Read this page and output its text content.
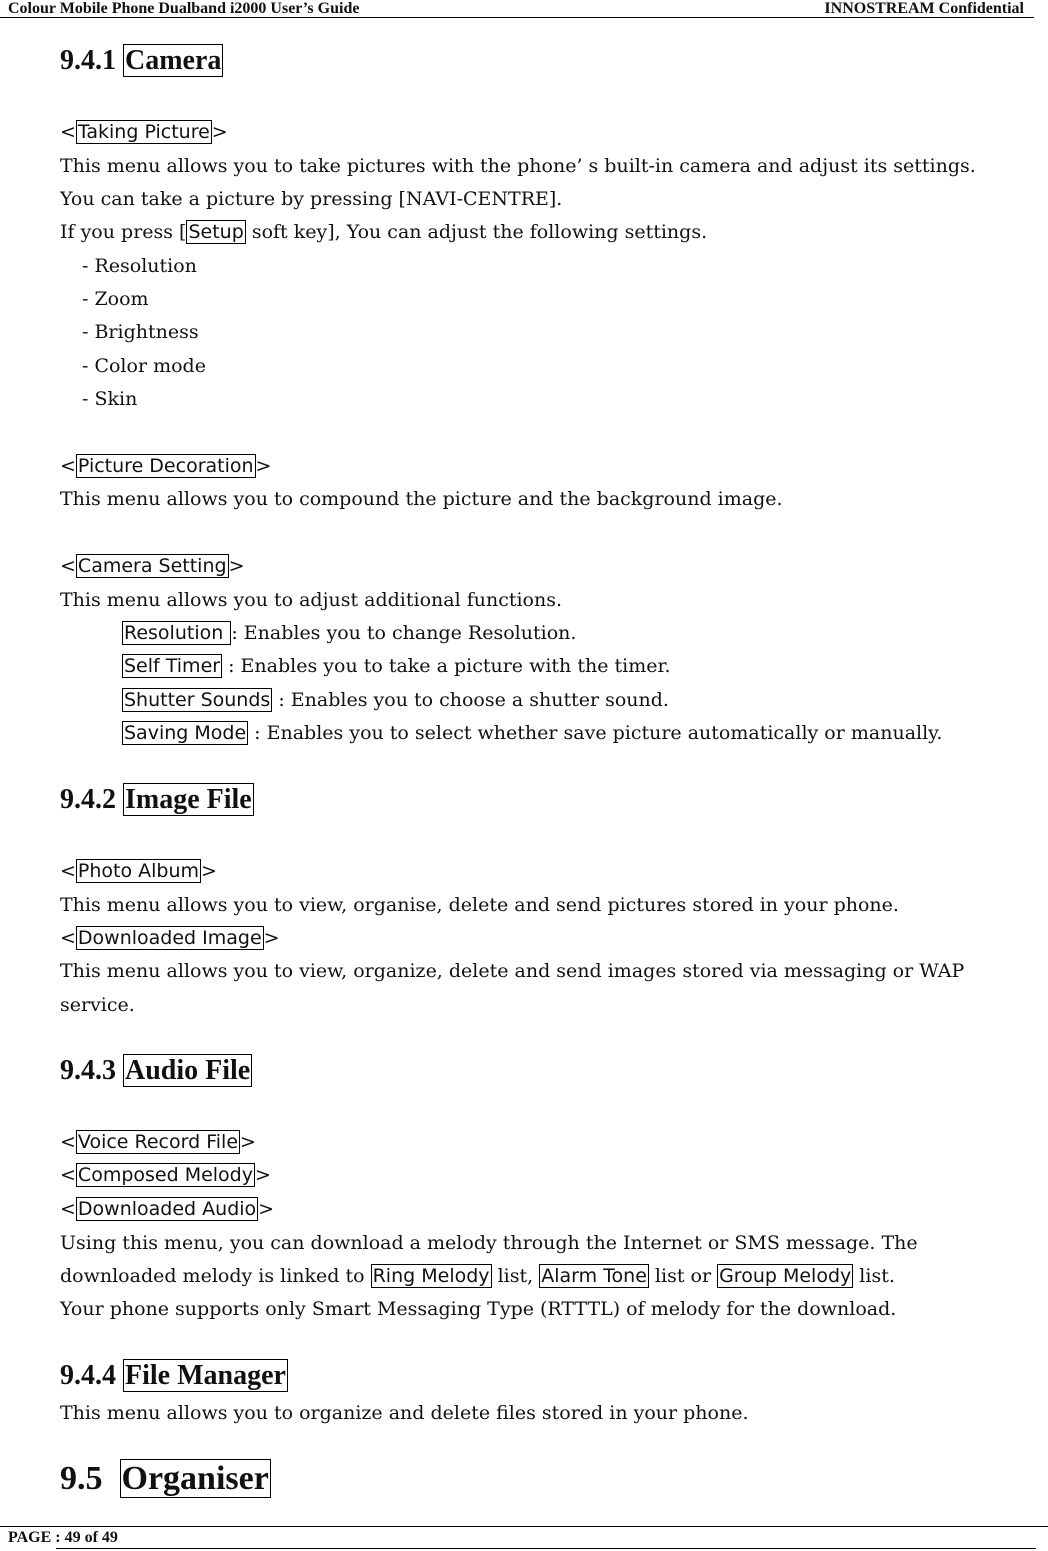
Colour Mobile Phone Dualband i2000 User’s Guide	INNOSTREAM Confidential
9.4.1 Camera
< Taking Picture >
This menu allows you to take pictures with the phone’ s built-in camera and adjust its settings.
You can take a picture by pressing [NAVI-CENTRE].
If you press [ Setup soft key], You can adjust the following settings.
- Resolution
- Zoom
- Brightness
- Color mode
- Skin
< Picture Decoration >
This menu allows you to compound the picture and the background image.
< Camera Setting >
This menu allows you to adjust additional functions.
Resolution : Enables you to change Resolution.
Self Timer : Enables you to take a picture with the timer.
Shutter Sounds : Enables you to choose a shutter sound.
Saving Mode : Enables you to select whether save picture automatically or manually.
9.4.2 Image File
< Photo Album >
This menu allows you to view, organise, delete and send pictures stored in your phone.
< Downloaded Image >
This menu allows you to view, organize, delete and send images stored via messaging or WAP
service.
9.4.3 Audio File
< Voice Record File >
< Composed Melody >
< Downloaded Audio >
Using this menu, you can download a melody through the Internet or SMS message. The
downloaded melody is linked to Ring Melody list, Alarm Tone list or Group Melody list.
Your phone supports only Smart Messaging Type (RTTTL) of melody for the download.
9.4.4 File Manager
This menu allows you to organize and delete files stored in your phone.
9.5 Organiser
PAGE : 49 of 49
